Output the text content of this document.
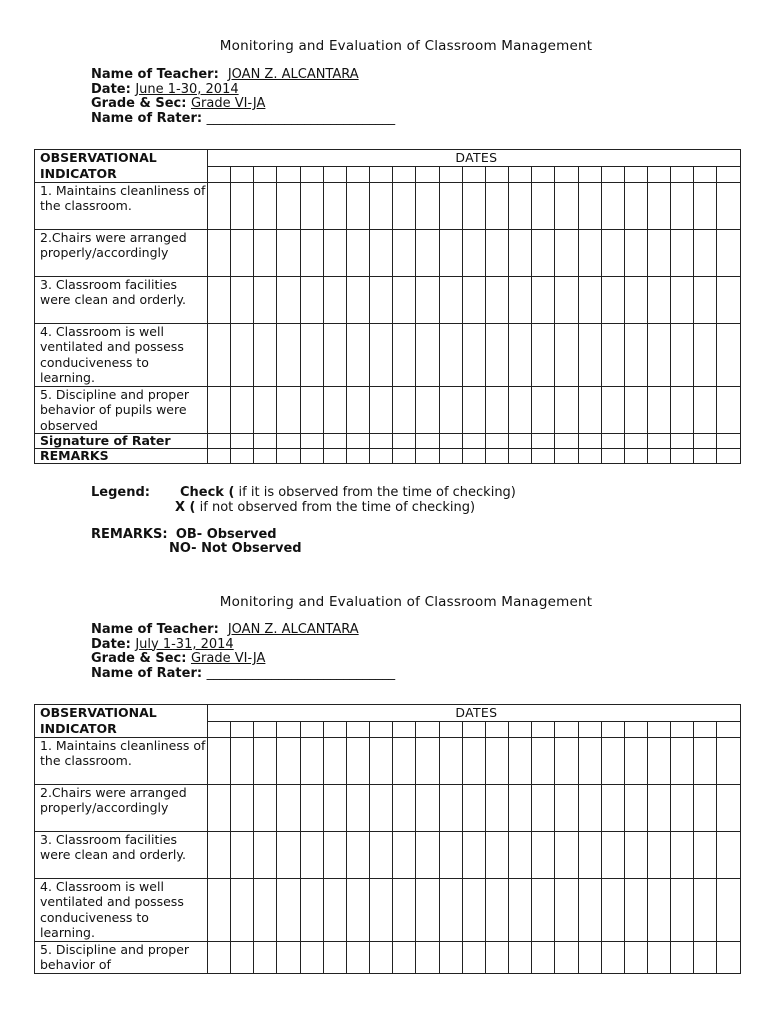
Monitoring and Evaluation of Classroom Management
Name of Teacher: JOAN Z. ALCANTARA
Date: June 1-30, 2014
Grade & Sec: Grade VI-JA
Name of Rater: _____________________________
OBSERVATIONAL INDICATOR	DATES																						

1. Maintains cleanliness of the classroom.																							
2.Chairs were arranged properly/accordingly																							
3. Classroom facilities were clean and orderly.																							
4. Classroom is well ventilated and possess conduciveness to learning.																							
5. Discipline and proper behavior of pupils were observed																							
Signature of Rater																							
REMARKS																							
Legend: Check ( if it is observed from the time of checking)
X ( if not observed from the time of checking)
REMARKS: OB- Observed
NO- Not Observed
Monitoring and Evaluation of Classroom Management
Name of Teacher: JOAN Z. ALCANTARA
Date: July 1-31, 2014
Grade & Sec: Grade VI-JA
Name of Rater: _____________________________
OBSERVATIONAL INDICATOR	DATES																						

1. Maintains cleanliness of the classroom.																							
2.Chairs were arranged properly/accordingly																							
3. Classroom facilities were clean and orderly.																							
4. Classroom is well ventilated and possess conduciveness to learning.																							
5. Discipline and proper behavior of																							
